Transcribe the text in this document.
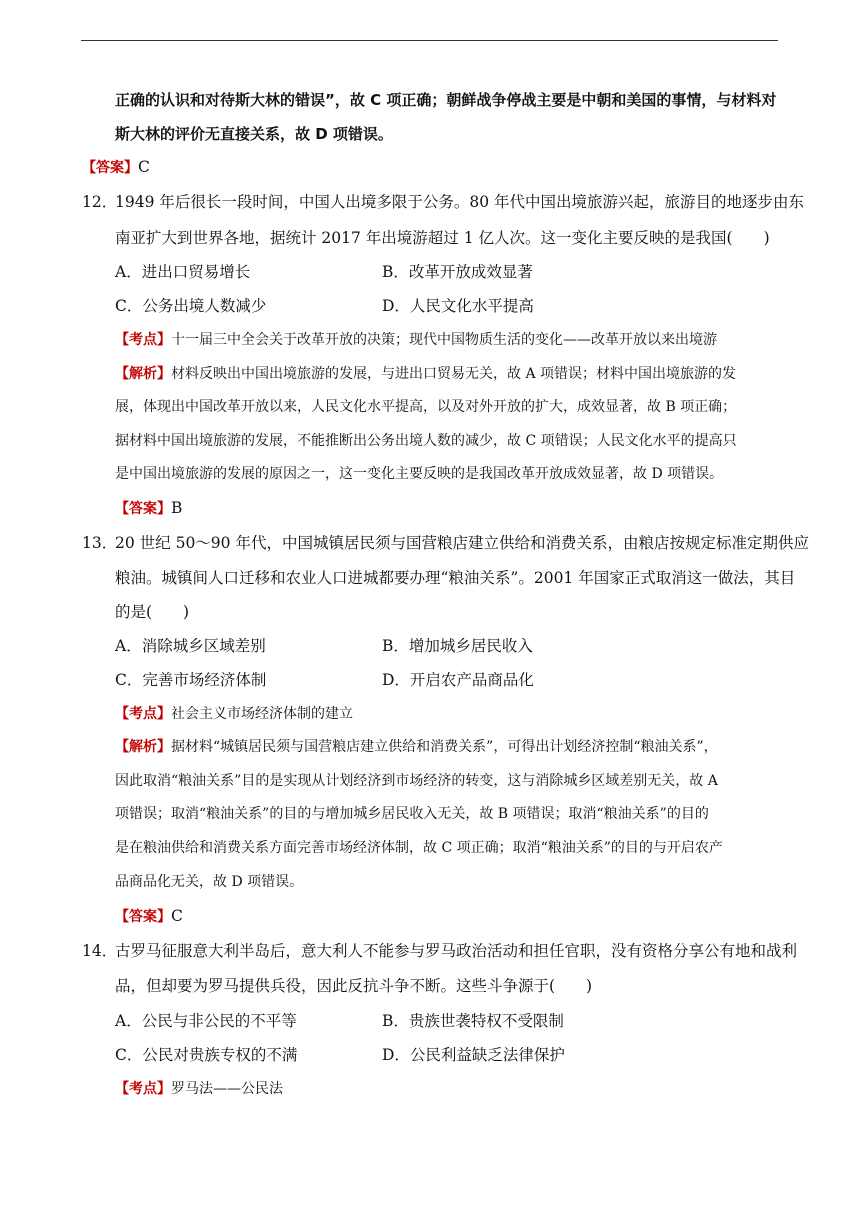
正确的认识和对待斯大林的错误”，故 C 项正确；朝鲜战争停战主要是中朝和美国的事情，与材料对
斯大林的评价无直接关系，故 D 项错误。
【答案】C
12．
1949 年后很长一段时间，中国人出境多限于公务。80 年代中国出境旅游兴起，旅游目的地逐步由东
南亚扩大到世界各地，据统计 2017 年出境游超过 1 亿人次。这一变化主要反映的是我国(　　)
A．进出口贸易增长	B．改革开放成效显著
C．公务出境人数减少	D．人民文化水平提高
【考点】十一届三中全会关于改革开放的决策；现代中国物质生活的变化——改革开放以来出境游
【解析】材料反映出中国出境旅游的发展，与进出口贸易无关，故 A 项错误；材料中国出境旅游的发
展，体现出中国改革开放以来，人民文化水平提高，以及对外开放的扩大，成效显著，故 B 项正确；
据材料中国出境旅游的发展，不能推断出公务出境人数的减少，故 C 项错误；人民文化水平的提高只
是中国出境旅游的发展的原因之一，这一变化主要反映的是我国改革开放成效显著，故 D 项错误。
【答案】B
13．
20 世纪 50～90 年代，中国城镇居民须与国营粮店建立供给和消费关系，由粮店按规定标准定期供应
粮油。城镇间人口迁移和农业人口进城都要办理“粮油关系”。2001 年国家正式取消这一做法，其目
的是(　　)
A．消除城乡区域差别	B．增加城乡居民收入
C．完善市场经济体制	D．开启农产品商品化
【考点】社会主义市场经济体制的建立
【解析】据材料“城镇居民须与国营粮店建立供给和消费关系”，可得出计划经济控制“粮油关系”，
因此取消“粮油关系”目的是实现从计划经济到市场经济的转变，这与消除城乡区域差别无关，故 A
项错误；取消“粮油关系”的目的与增加城乡居民收入无关，故 B 项错误；取消“粮油关系”的目的
是在粮油供给和消费关系方面完善市场经济体制，故 C 项正确；取消“粮油关系”的目的与开启农产
品商品化无关，故 D 项错误。
【答案】C
14．
古罗马征服意大利半岛后，意大利人不能参与罗马政治活动和担任官职，没有资格分享公有地和战利
品，但却要为罗马提供兵役，因此反抗斗争不断。这些斗争源于(　　)
A．公民与非公民的不平等	B．贵族世袭特权不受限制
C．公民对贵族专权的不满	D．公民利益缺乏法律保护
【考点】罗马法——公民法
